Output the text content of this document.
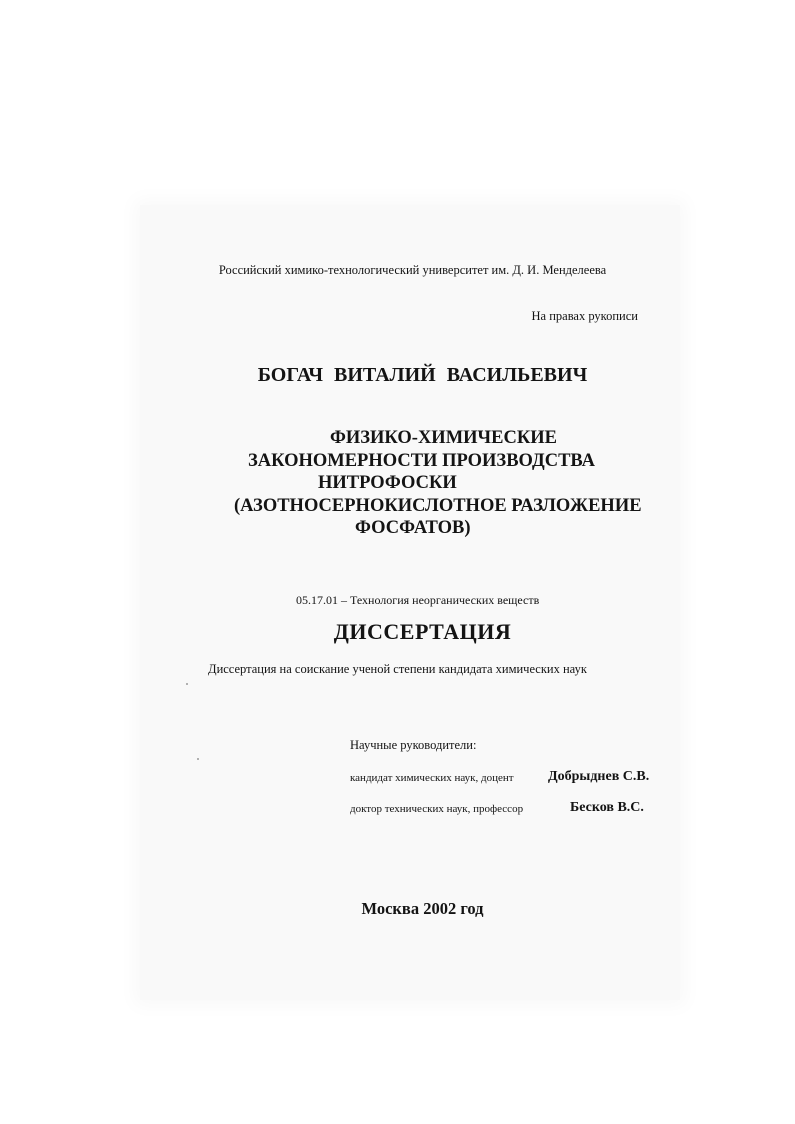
Российский химико-технологический университет им. Д. И. Менделеева
На правах рукописи
БОГАЧ ВИТАЛИЙ ВАСИЛЬЕВИЧ
ФИЗИКО-ХИМИЧЕСКИЕ
ЗАКОНОМЕРНОСТИ ПРОИЗВОДСТВА
НИТРОФОСКИ
(АЗОТНОСЕРНОКИСЛОТНОЕ РАЗЛОЖЕНИЕ
ФОСФАТОВ)
05.17.01 – Технология неорганических веществ
ДИССЕРТАЦИЯ
Диссертация на соискание ученой степени кандидата химических наук
Научные руководители:
кандидат химических наук, доцент Добрыднев С.В.
доктор технических наук, профессор	Бесков В.С.
Москва 2002 год
